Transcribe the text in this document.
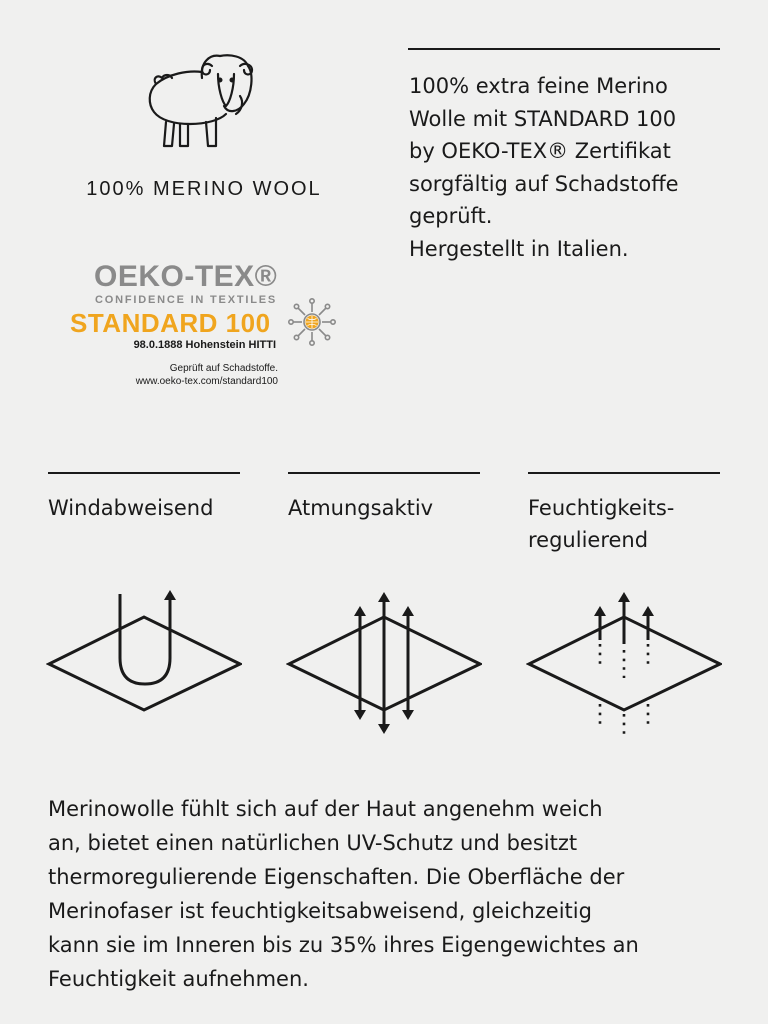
100% MERINO WOOL
OEKO-TEX®
CONFIDENCE IN TEXTILES
STANDARD 100
98.0.1888 Hohenstein HITTI
Geprüft auf Schadstoffe.
www.oeko-tex.com/standard100
100% extra feine Merino
Wolle mit STANDARD 100
by OEKO-TEX® Zertifikat
sorgfältig auf Schadstoffe
geprüft.
Hergestellt in Italien.
Windabweisend	Atmungsaktiv	Feuchtigkeits-
regulierend
Merinowolle fühlt sich auf der Haut angenehm weich
an, bietet einen natürlichen UV-Schutz und besitzt
thermoregulierende Eigenschaften. Die Oberfläche der
Merinofaser ist feuchtigkeitsabweisend, gleichzeitig
kann sie im Inneren bis zu 35% ihres Eigengewichtes an
Feuchtigkeit aufnehmen.
